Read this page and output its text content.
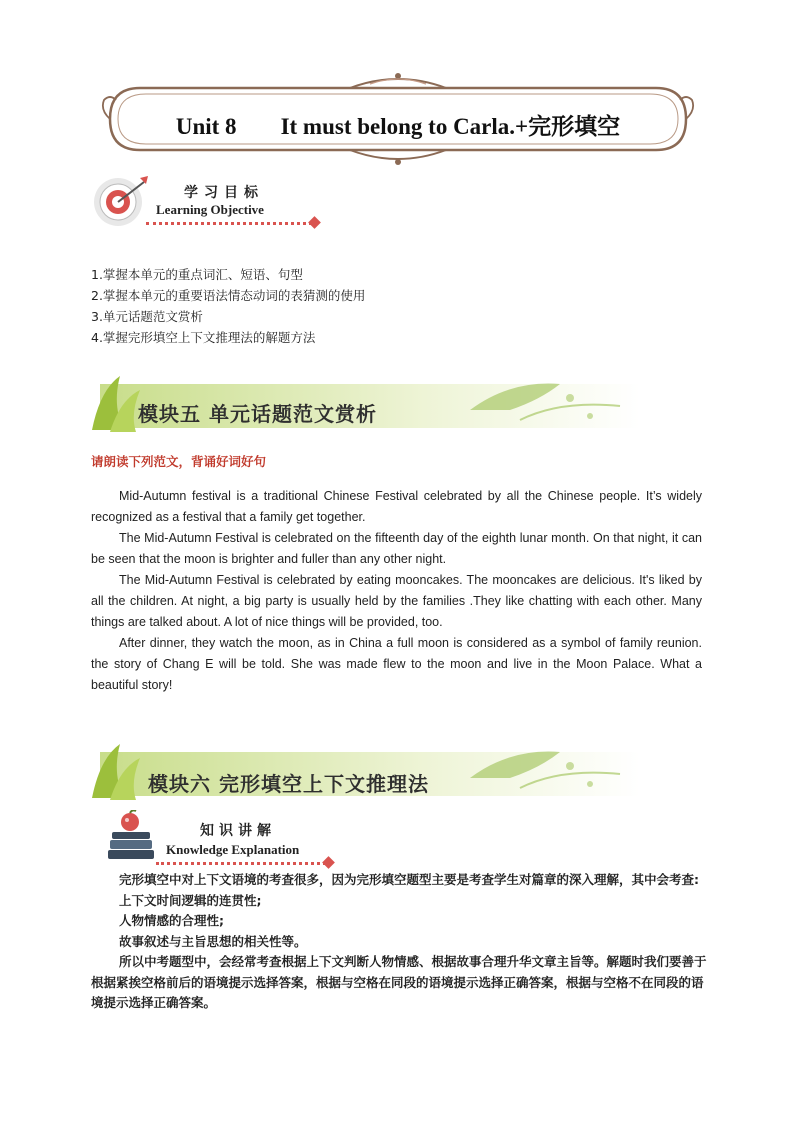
Unit 8 It must belong to Carla.+完形填空
学习目标
Learning Objective
1.掌握本单元的重点词汇、短语、句型
2.掌握本单元的重要语法情态动词的表猜测的使用
3.单元话题范文赏析
4.掌握完形填空上下文推理法的解题方法
模块五 单元话题范文赏析
请朗读下列范文，背诵好词好句

Mid-Autumn festival is a traditional Chinese Festival celebrated by all the Chinese people. It’s widely recognized as a festival that a family get together.

The Mid-Autumn Festival is celebrated on the fifteenth day of the eighth lunar month. On that night, it can be seen that the moon is brighter and fuller than any other night.

The Mid-Autumn Festival is celebrated by eating mooncakes. The mooncakes are delicious. It's liked by all the children. At night, a big party is usually held by the families .They like chatting with each other. Many things are talked about. A lot of nice things will be provided, too.

After dinner, they watch the moon, as in China a full moon is considered as a symbol of family reunion. the story of Chang E will be told. She was made flew to the moon and live in the Moon Palace. What a beautiful story!

模块六 完形填空上下文推理法
知识讲解
Knowledge Explanation

完形填空中对上下文语境的考查很多，因为完形填空题型主要是考查学生对篇章的深入理解，其中会考查:

上下文时间逻辑的连贯性;

人物情感的合理性;

故事叙述与主旨思想的相关性等。

所以中考题型中，会经常考查根据上下文判断人物情感、根据故事合理升华文章主旨等。解题时我们要善于根据紧挨空格前后的语境提示选择答案，根据与空格在同段的语境提示选择正确答案，根据与空格不在同段的语境提示选择正确答案。
